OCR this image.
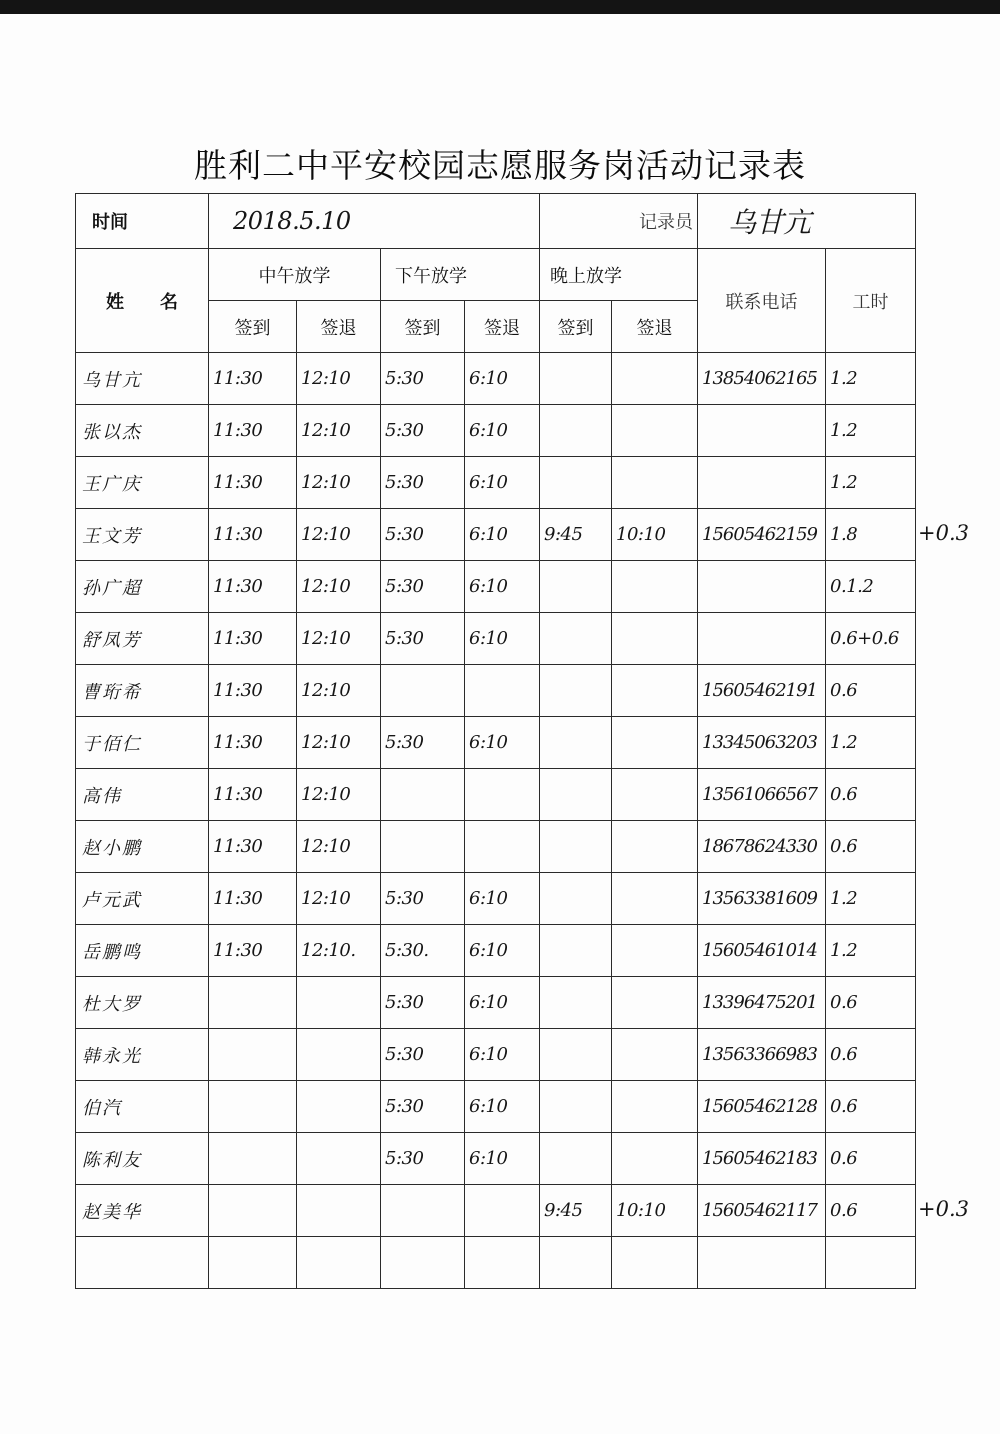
胜利二中平安校园志愿服务岗活动记录表
时间	2018.5.10				记录员		乌甘亢	
姓　　名	中午放学		下午放学		晚上放学		联系电话	工时
	签到	签退	签到	签退	签到	签退		
乌甘亢	11:30	12:10	5:30	6:10			13854062165	1.2
张以杰	11:30	12:10	5:30	6:10				1.2
王广庆	11:30	12:10	5:30	6:10				1.2
王文芳	11:30	12:10	5:30	6:10	9:45	10:10	15605462159	1.8
孙广超	11:30	12:10	5:30	6:10				0.1.2
舒凤芳	11:30	12:10	5:30	6:10				0.6+0.6
曹珩希	11:30	12:10					15605462191	0.6
于佰仁	11:30	12:10	5:30	6:10			13345063203	1.2
高伟	11:30	12:10					13561066567	0.6
赵小鹏	11:30	12:10					18678624330	0.6
卢元武	11:30	12:10	5:30	6:10			13563381609	1.2
岳鹏鸣	11:30	12:10.	5:30.	6:10			15605461014	1.2
杜大罗			5:30	6:10			13396475201	0.6
韩永光			5:30	6:10			13563366983	0.6
伯汽			5:30	6:10			15605462128	0.6
陈利友			5:30	6:10			15605462183	0.6
赵美华					9:45	10:10	15605462117	0.6

+0.3
+0.3
